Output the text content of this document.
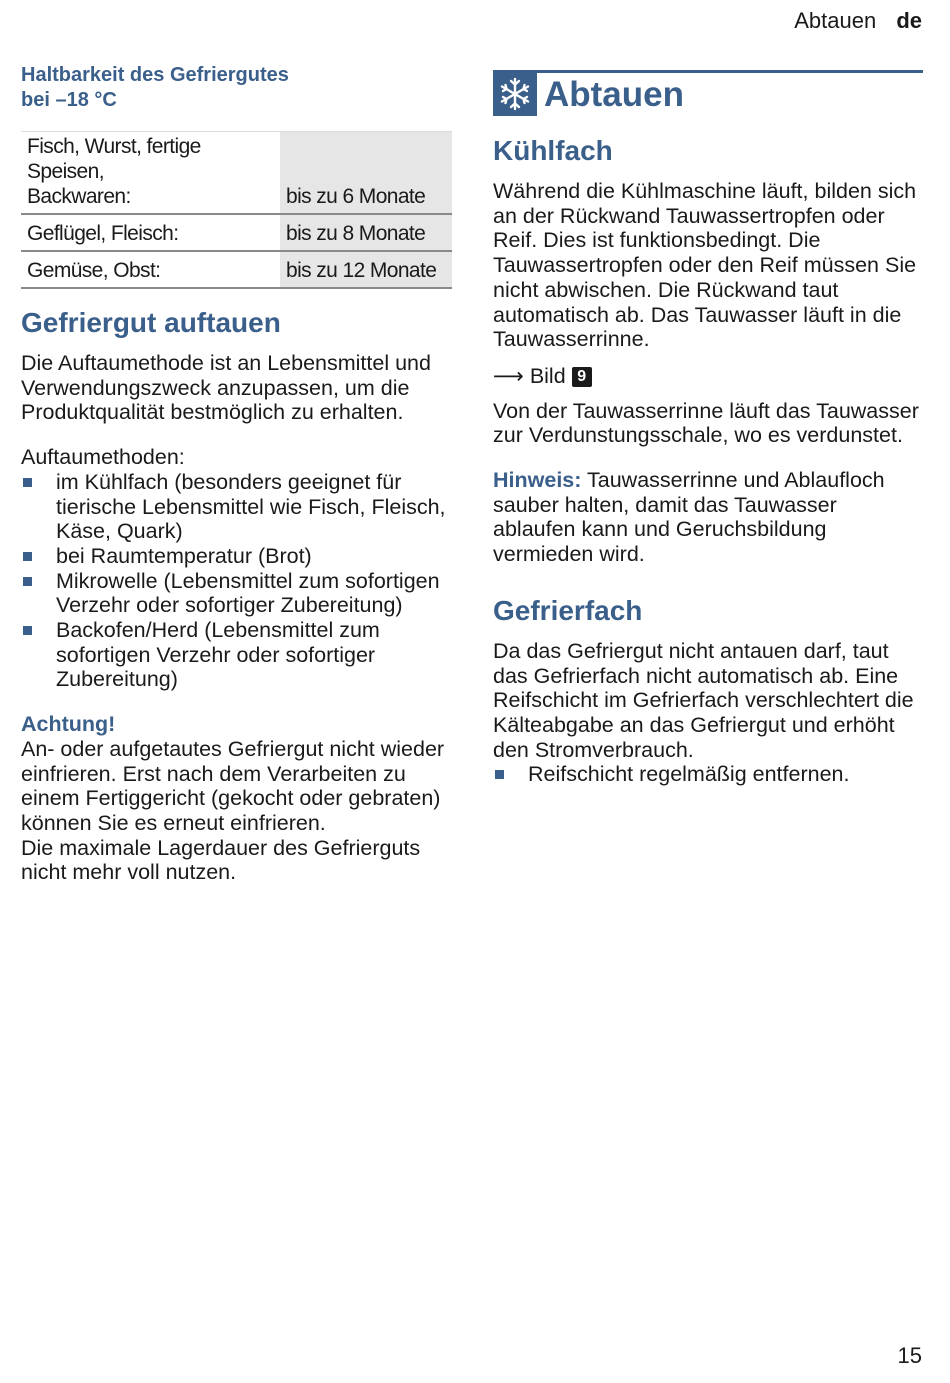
Abtauen de
Haltbarkeit des Gefriergutes
bei –18 °C
Fisch, Wurst, fertige Speisen,
Backwaren:	bis zu 6 Monate
Geflügel, Fleisch:	bis zu 8 Monate
Gemüse, Obst:	bis zu 12 Monate
Gefriergut auftauen

Die Auftaumethode ist an Lebensmittel und Verwendungszweck anzupassen, um die Produktqualität bestmöglich zu erhalten.

Auftaumethoden:

im Kühlfach (besonders geeignet für tierische Lebensmittel wie Fisch, Fleisch, Käse, Quark)
bei Raumtemperatur (Brot)
Mikrowelle (Lebensmittel zum sofortigen Verzehr oder sofortiger Zubereitung)
Backofen/Herd (Lebensmittel zum sofortigen Verzehr oder sofortiger Zubereitung)
Achtung!

An- oder aufgetautes Gefriergut nicht wieder einfrieren. Erst nach dem Verarbeiten zu einem Fertiggericht (gekocht oder gebraten) können Sie es erneut einfrieren.

Die maximale Lagerdauer des Gefrierguts nicht mehr voll nutzen.

Abtauen
Kühlfach

Während die Kühlmaschine läuft, bilden sich an der Rückwand Tauwassertropfen oder Reif. Dies ist funktionsbedingt. Die Tauwassertropfen oder den Reif müssen Sie nicht abwischen. Die Rückwand taut automatisch ab. Das Tauwasser läuft in die Tauwasserrinne.

⟶ Bild 9

Von der Tauwasserrinne läuft das Tauwasser zur Verdunstungsschale, wo es verdunstet.

Hinweis: Tauwasserrinne und Ablaufloch sauber halten, damit das Tauwasser ablaufen kann und Geruchsbildung vermieden wird.

Gefrierfach

Da das Gefriergut nicht antauen darf, taut das Gefrierfach nicht automatisch ab. Eine Reifschicht im Gefrierfach verschlechtert die Kälteabgabe an das Gefriergut und erhöht den Stromverbrauch.

Reifschicht regelmäßig entfernen.
15
